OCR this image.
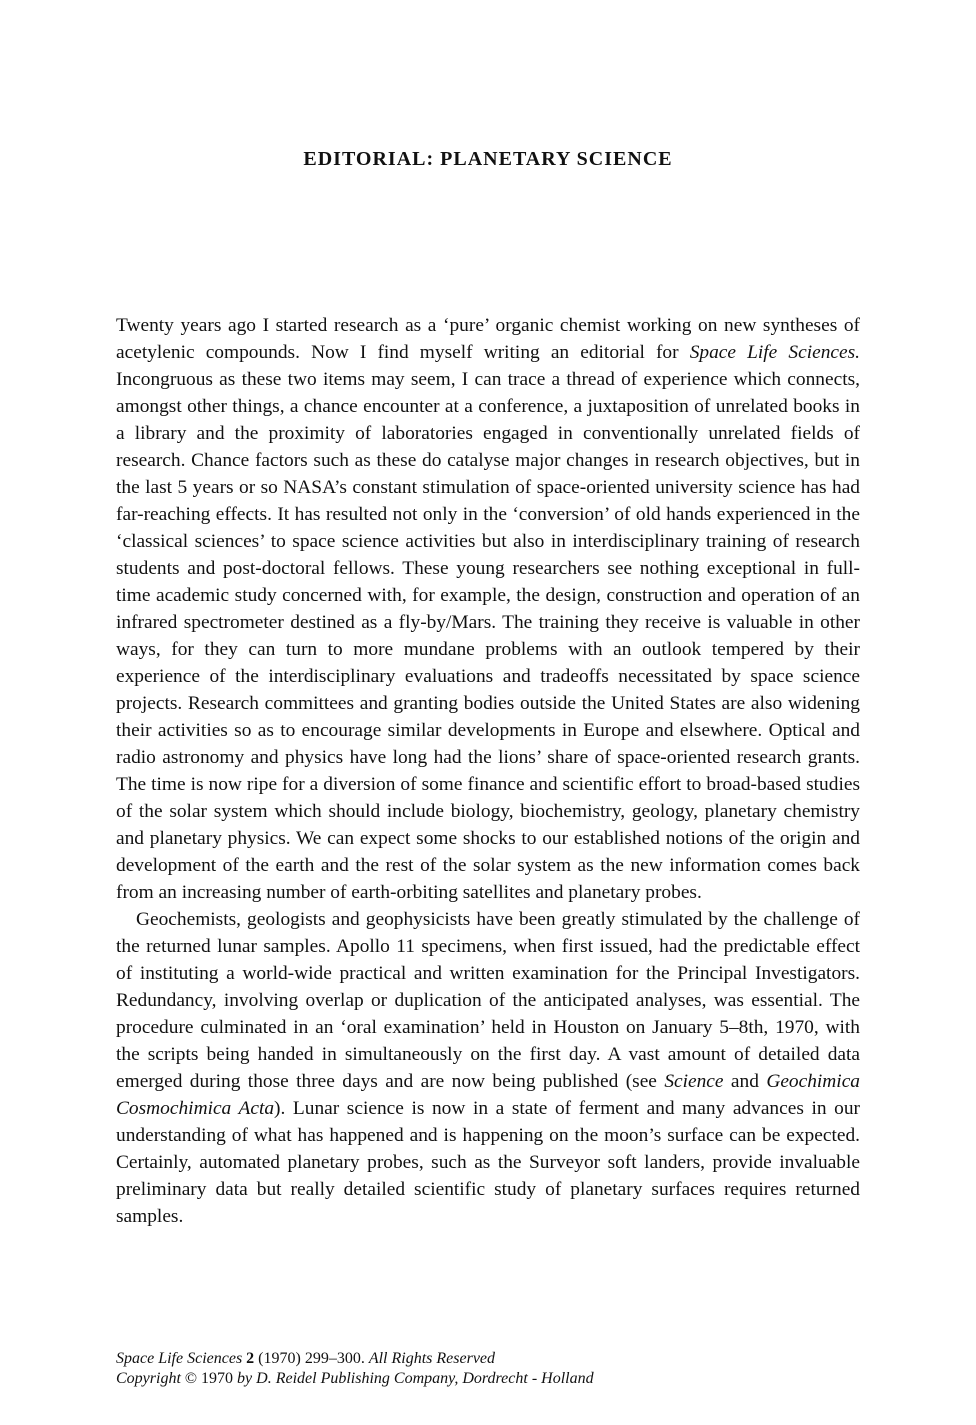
EDITORIAL: PLANETARY SCIENCE

Twenty years ago I started research as a ‘pure’ organic chemist working on new syntheses of acetylenic compounds. Now I find myself writing an editorial for Space Life Sciences. Incongruous as these two items may seem, I can trace a thread of experience which connects, amongst other things, a chance encounter at a conference, a juxtaposition of unrelated books in a library and the proximity of laboratories engaged in conventionally unrelated fields of research. Chance factors such as these do catalyse major changes in research objectives, but in the last 5 years or so NASA’s constant stimulation of space-oriented university science has had far-reaching effects. It has resulted not only in the ‘conversion’ of old hands experienced in the ‘classical sciences’ to space science activities but also in interdisciplinary training of research students and post-doctoral fellows. These young researchers see nothing exceptional in full-time academic study concerned with, for example, the design, construction and operation of an infrared spectrometer destined as a fly-by/Mars. The training they receive is valuable in other ways, for they can turn to more mundane problems with an outlook tempered by their experience of the interdisciplinary evaluations and tradeoffs necessitated by space science projects. Research committees and granting bodies outside the United States are also widening their activities so as to encourage similar developments in Europe and elsewhere. Optical and radio astronomy and physics have long had the lions’ share of space-oriented research grants. The time is now ripe for a diversion of some finance and scientific effort to broad-based studies of the solar system which should include biology, biochemistry, geology, planetary chemistry and planetary physics. We can expect some shocks to our established notions of the origin and development of the earth and the rest of the solar system as the new information comes back from an increasing number of earth-orbiting satellites and planetary probes.

Geochemists, geologists and geophysicists have been greatly stimulated by the challenge of the returned lunar samples. Apollo 11 specimens, when first issued, had the predictable effect of instituting a world-wide practical and written examination for the Principal Investigators. Redundancy, involving overlap or duplication of the anticipated analyses, was essential. The procedure culminated in an ‘oral examination’ held in Houston on January 5–8th, 1970, with the scripts being handed in simultaneously on the first day. A vast amount of detailed data emerged during those three days and are now being published (see Science and Geochimica Cosmochimica Acta). Lunar science is now in a state of ferment and many advances in our understanding of what has happened and is happening on the moon’s surface can be expected. Certainly, automated planetary probes, such as the Surveyor soft landers, provide invaluable preliminary data but really detailed scientific study of planetary surfaces requires returned samples.

Space Life Sciences 2 (1970) 299–300. All Rights Reserved
Copyright © 1970 by D. Reidel Publishing Company, Dordrecht - Holland
